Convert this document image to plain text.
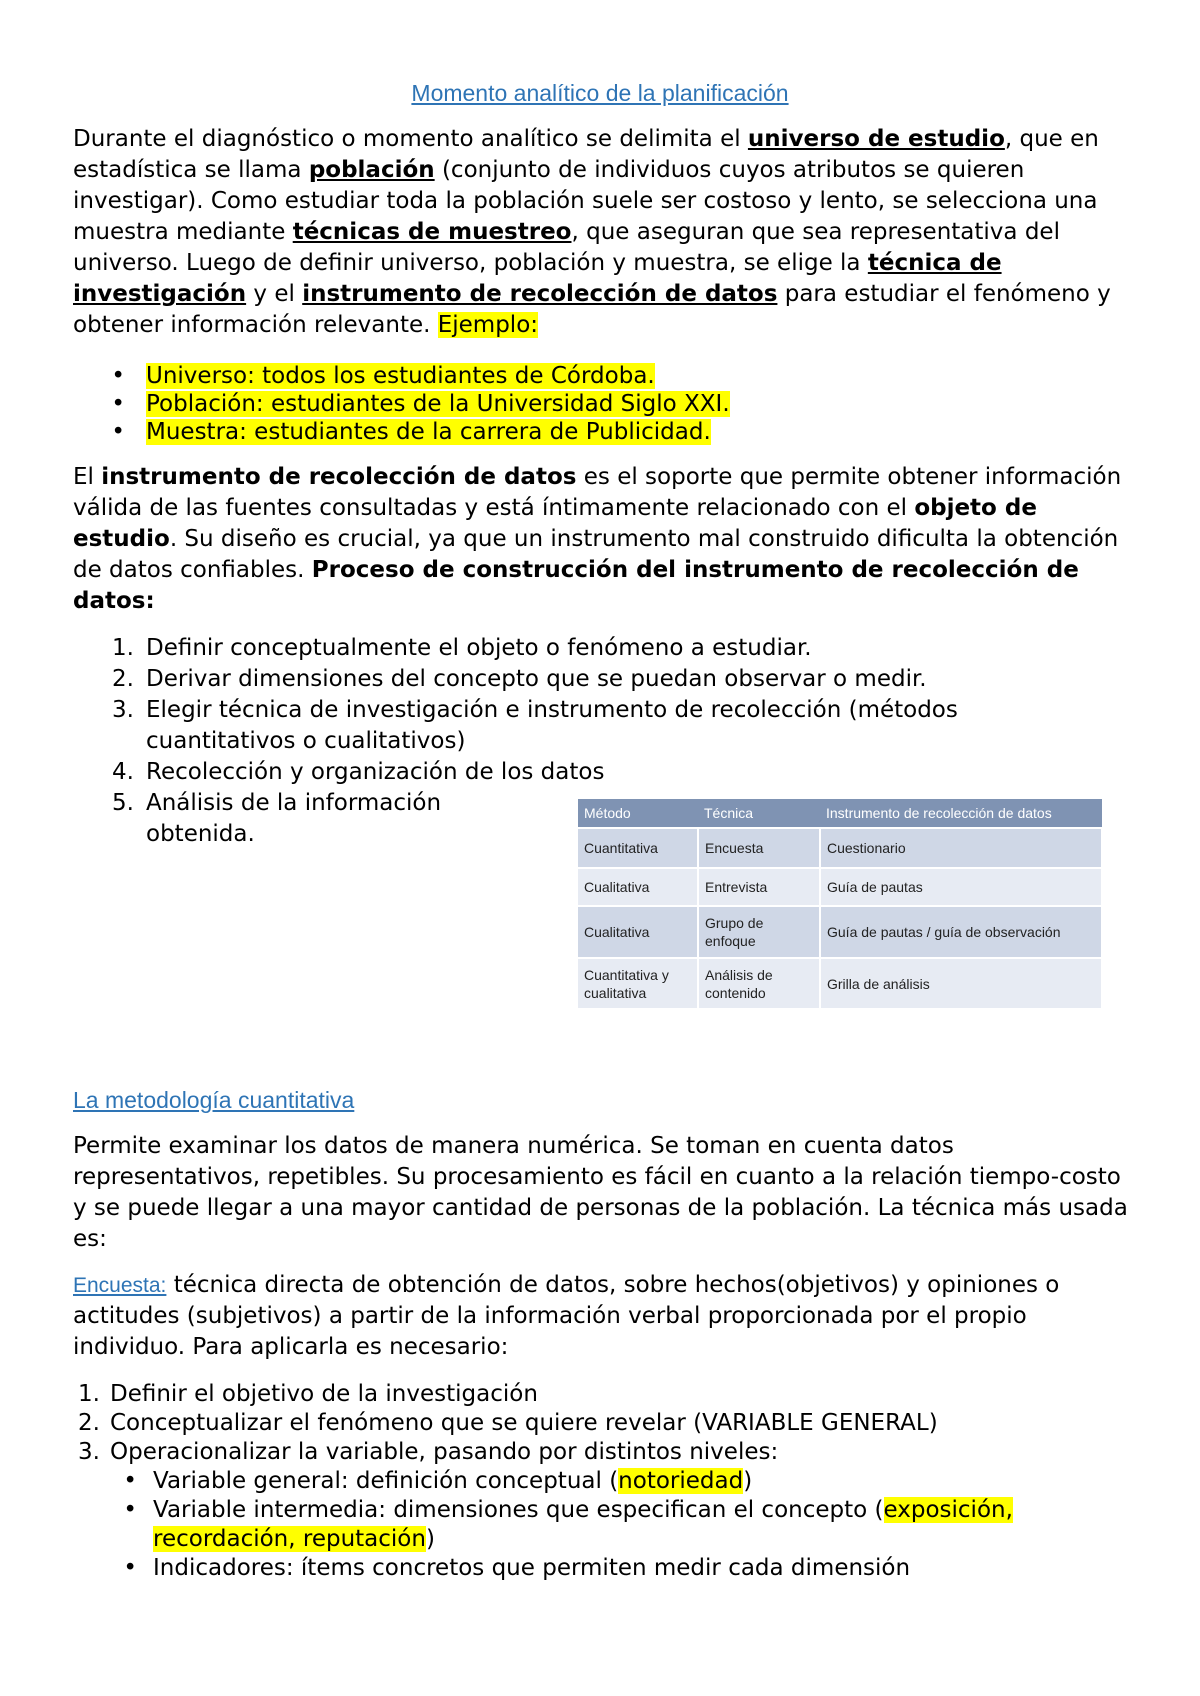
Momento analítico de la planificación

Durante el diagnóstico o momento analítico se delimita el universo de estudio, que en estadística se llama población (conjunto de individuos cuyos atributos se quieren investigar). Como estudiar toda la población suele ser costoso y lento, se selecciona una muestra mediante técnicas de muestreo, que aseguran que sea representativa del universo. Luego de definir universo, población y muestra, se elige la técnica de investigación y el instrumento de recolección de datos para estudiar el fenómeno y obtener información relevante. Ejemplo:

• Universo: todos los estudiantes de Córdoba.
• Población: estudiantes de la Universidad Siglo XXI.
• Muestra: estudiantes de la carrera de Publicidad.

El instrumento de recolección de datos es el soporte que permite obtener información válida de las fuentes consultadas y está íntimamente relacionado con el objeto de estudio. Su diseño es crucial, ya que un instrumento mal construido dificulta la obtención de datos confiables. Proceso de construcción del instrumento de recolección de datos:

1. Definir conceptualmente el objeto o fenómeno a estudiar.
2. Derivar dimensiones del concepto que se puedan observar o medir.
3. Elegir técnica de investigación e instrumento de recolección (métodos
cuantitativos o cualitativos)
4. Recolección y organización de los datos
5. Análisis de la información
obtenida.
Método	Técnica	Instrumento de recolección de datos
Cuantitativa	Encuesta	Cuestionario
Cualitativa	Entrevista	Guía de pautas
Cualitativa	Grupo de enfoque	Guía de pautas / guía de observación
Cuantitativa y cualitativa	Análisis de contenido	Grilla de análisis
La metodología cuantitativa

Permite examinar los datos de manera numérica. Se toman en cuenta datos representativos, repetibles. Su procesamiento es fácil en cuanto a la relación tiempo-costo y se puede llegar a una mayor cantidad de personas de la población. La técnica más usada es:

Encuesta: técnica directa de obtención de datos, sobre hechos(objetivos) y opiniones o actitudes (subjetivos) a partir de la información verbal proporcionada por el propio individuo. Para aplicarla es necesario:

1. Definir el objetivo de la investigación
2. Conceptualizar el fenómeno que se quiere revelar (VARIABLE GENERAL)
3. Operacionalizar la variable, pasando por distintos niveles:
• Variable general: definición conceptual (notoriedad)
• Variable intermedia: dimensiones que especifican el concepto (exposición,
recordación, reputación)
• Indicadores: ítems concretos que permiten medir cada dimensión
